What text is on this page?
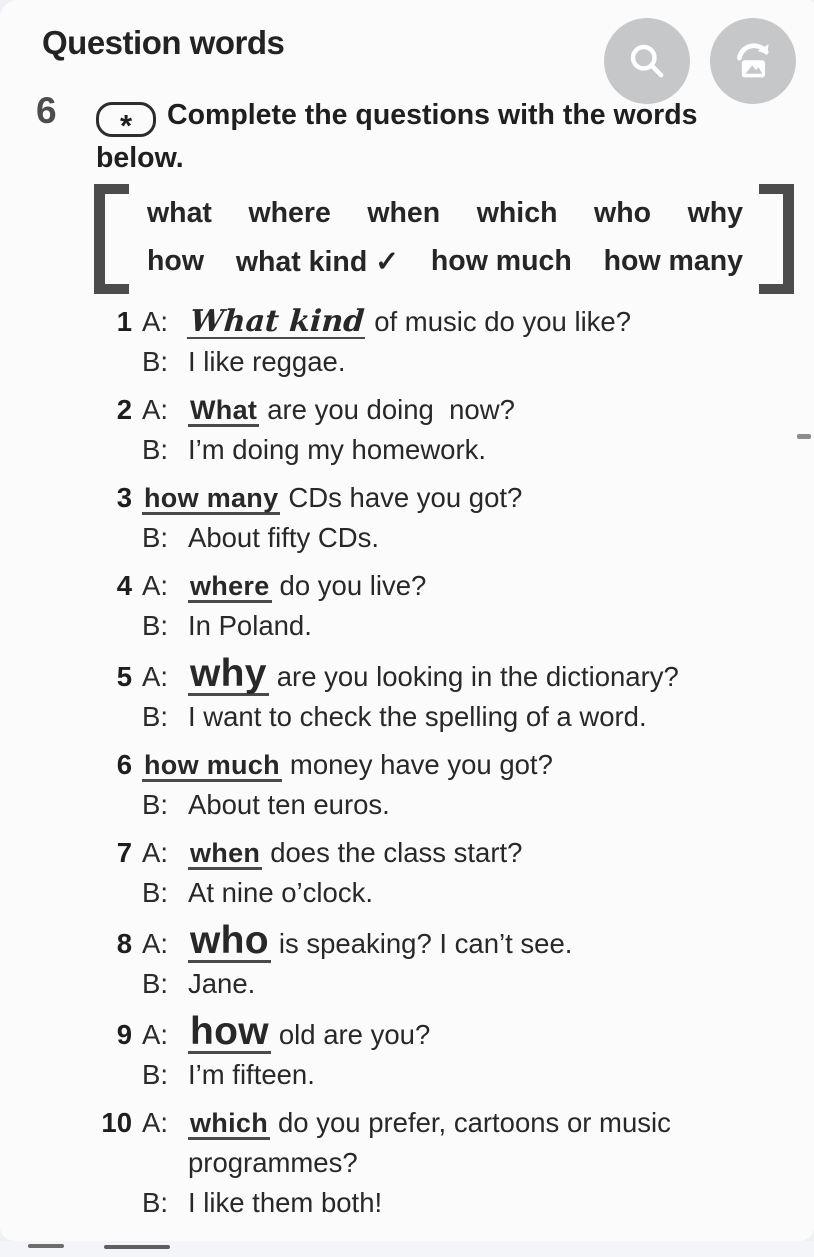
Question words
6 * Complete the questions with the words
below.
what where when which who why
how what kind ✓ how much how many
1 A: What kind of music do you like?
B: I like reggae.
2 A: What are you doing  now?
B: I’m doing my homework.
3 how many CDs have you got?
B: About fifty CDs.
4 A: where do you live?
B: In Poland.
5 A: why are you looking in the dictionary?
B: I want to check the spelling of a word.
6 how much money have you got?
B: About ten euros.
7 A: when does the class start?
B: At nine o’clock.
8 A: who is speaking? I can’t see.
B: Jane.
9 A: how old are you?
B: I’m fifteen.
10 A: which do you prefer, cartoons or music programmes?
B: I like them both!
